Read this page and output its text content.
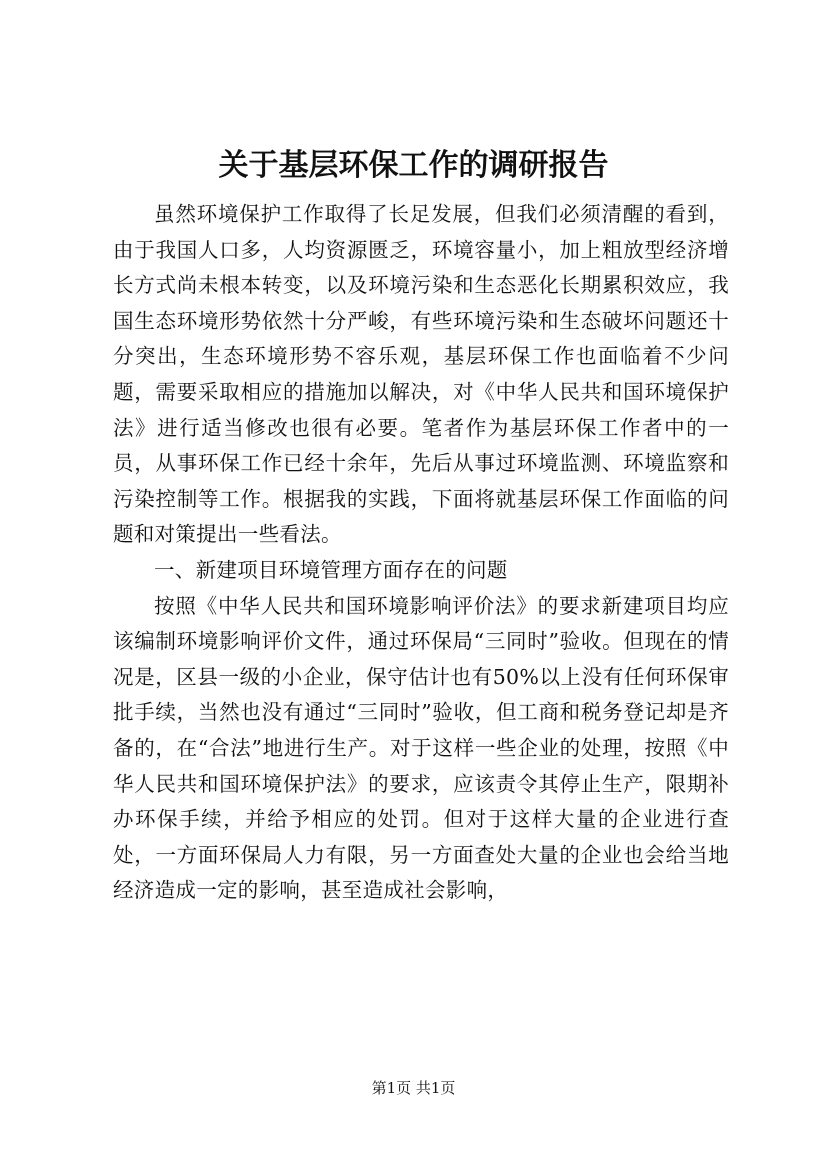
关于基层环保工作的调研报告

虽然环境保护工作取得了长足发展，但我们必须清醒的看到，由于我国人口多，人均资源匮乏，环境容量小，加上粗放型经济增长方式尚未根本转变，以及环境污染和生态恶化长期累积效应，我国生态环境形势依然十分严峻，有些环境污染和生态破坏问题还十分突出，生态环境形势不容乐观，基层环保工作也面临着不少问题，需要采取相应的措施加以解决，对《中华人民共和国环境保护法》进行适当修改也很有必要。笔者作为基层环保工作者中的一员，从事环保工作已经十余年，先后从事过环境监测、环境监察和污染控制等工作。根据我的实践，下面将就基层环保工作面临的问题和对策提出一些看法。

一、新建项目环境管理方面存在的问题

按照《中华人民共和国环境影响评价法》的要求新建项目均应该编制环境影响评价文件，通过环保局“三同时”验收。但现在的情况是，区县一级的小企业，保守估计也有50%以上没有任何环保审批手续，当然也没有通过“三同时”验收，但工商和税务登记却是齐备的，在“合法”地进行生产。对于这样一些企业的处理，按照《中华人民共和国环境保护法》的要求，应该责令其停止生产，限期补办环保手续，并给予相应的处罚。但对于这样大量的企业进行查处，一方面环保局人力有限，另一方面查处大量的企业也会给当地经济造成一定的影响，甚至造成社会影响，

第1页 共1页
